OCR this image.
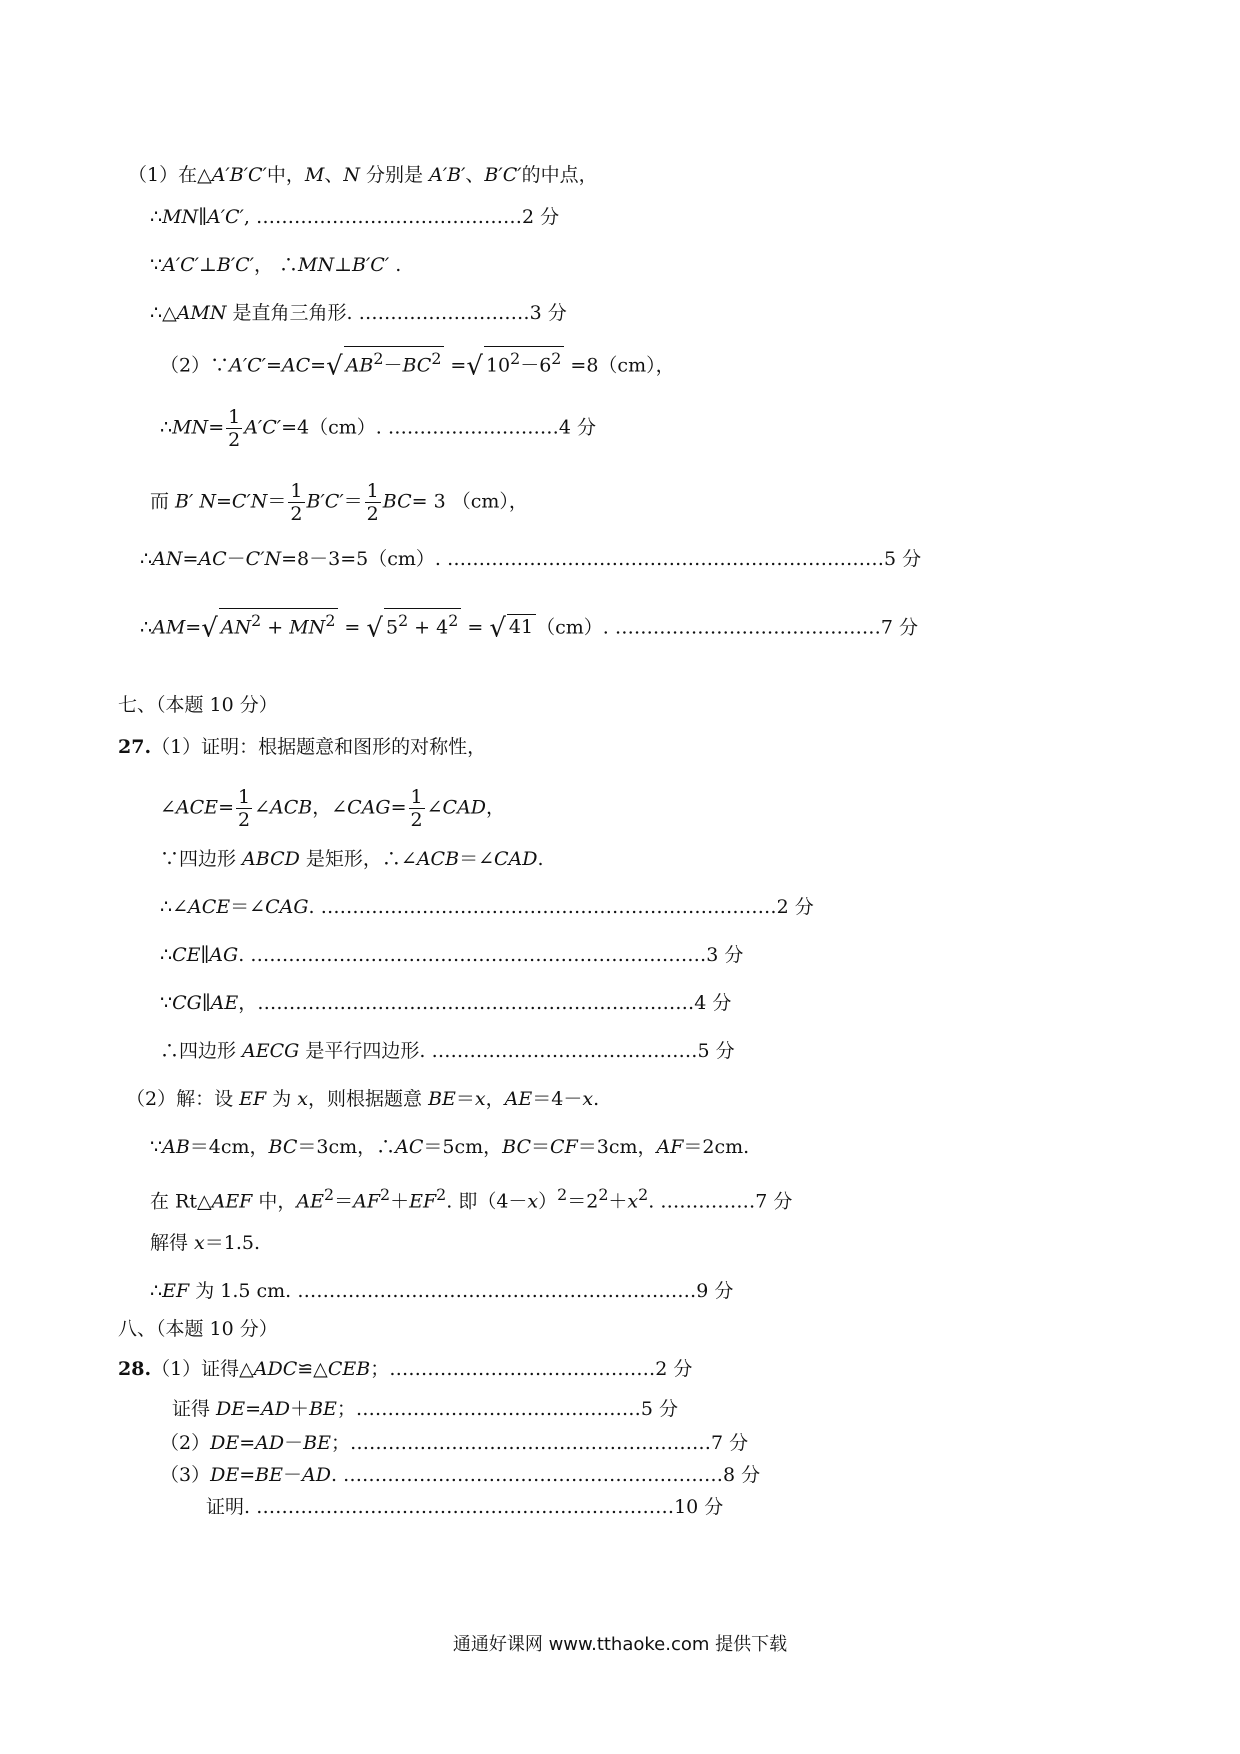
（1）在△A′B′C′中，M、N 分别是 A′B′、B′C′的中点，
∴MN∥A′C′, ……………………………………2 分
∵A′C′⊥B′C′， ∴MN⊥B′C′ .
∴△AMN 是直角三角形. ………………………3 分
（2）∵A′C′=AC=√ $AB^2-BC^2$ =√ $10^2-6^2 =8(cm)$，
∴MN= $\frac{1}{2} A'C'=4(cm)$. ………………………4 分
而 B′ $N=C'N= \frac{1}{2} B'C'= \frac{1}{2} BC= 3$ （cm），
∴AN=AC－C′N=8－3=5（cm）. ……………………………………………………………5 分
∴AM=√ $AN^2 + MN^2$ = √ $5^2 + 4^2$ = √ 41 （cm）. ……………………………………7 分
七、（本题 10 分）
27.（1）证明：根据题意和图形的对称性，
∠ACE= $\frac{1}{2}$ ∠ACB，∠CAG= $\frac{1}{2}$ ∠CAD，
∵四边形 ABCD 是矩形，∴∠ACB＝∠CAD.
∴∠ACE＝∠CAG. ………………………………………………………………2 分
∴CE∥AG. ………………………………………………………………3 分
∵CG∥AE，……………………………………………………………4 分
∴四边形 AECG 是平行四边形. ……………………………………5 分
（2）解：设 EF 为 x，则根据题意 BE＝x，AE＝4－x.
∵AB＝4cm，BC＝3cm，∴AC＝5cm，BC＝CF＝3cm，AF＝2cm.
在 Rt△AEF 中，$AE^2=AF^2+EF^2$. 即$(4-x)^2=2^2+x^2$. ……………7 分
解得 x＝1.5.
∴EF 为 1.5 cm. ………………………………………………………9 分
八、（本题 10 分）
28.（1）证得△ADC≌△CEB；……………………………………2 分
证得 DE=AD＋BE；………………………………………5 分
（2）DE=AD－BE；…………………………………………………7 分
（3）DE=BE－AD. ……………………………………………………8 分
证明. …………………………………………………………10 分
通通好课网 www.tthaoke.com 提供下载
